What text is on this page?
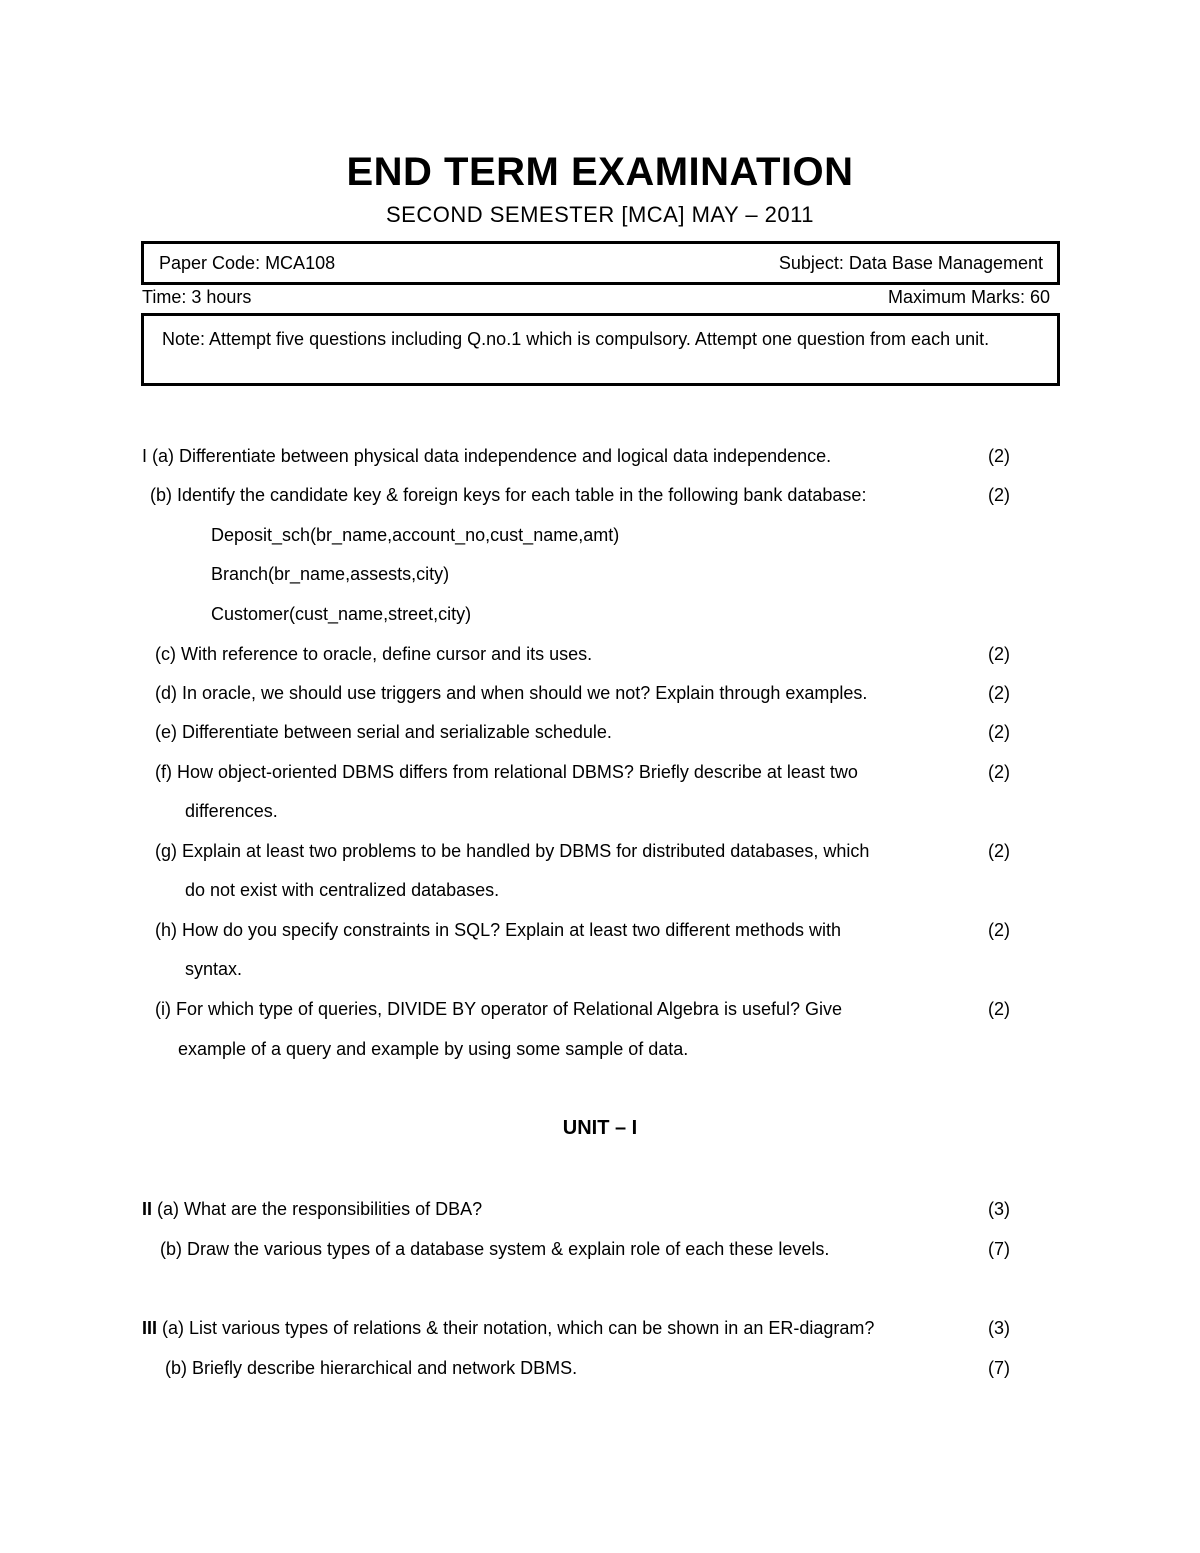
END TERM EXAMINATION
SECOND SEMESTER [MCA] MAY – 2011
Paper Code: MCA108	Subject: Data Base Management
Time: 3 hours	Maximum Marks: 60
Note: Attempt five questions including Q.no.1 which is compulsory. Attempt one question from each unit.
I (a) Differentiate between physical data independence and logical data independence.	(2)
(b) Identify the candidate key & foreign keys for each table in the following bank database:	(2)
Deposit_sch(br_name,account_no,cust_name,amt)
Branch(br_name,assests,city)
Customer(cust_name,street,city)
(c) With reference to oracle, define cursor and its uses.	(2)
(d) In oracle, we should use triggers and when should we not? Explain through examples.	(2)
(e) Differentiate between serial and serializable schedule.	(2)
(f) How object-oriented DBMS differs from relational DBMS? Briefly describe at least two	(2)
differences.
(g) Explain at least two problems to be handled by DBMS for distributed databases, which	(2)
do not exist with centralized databases.
(h) How do you specify constraints in SQL? Explain at least two different methods with	(2)
syntax.
(i) For which type of queries, DIVIDE BY operator of Relational Algebra is useful? Give	(2)
example of a query and example by using some sample of data.
UNIT – I
II (a) What are the responsibilities of DBA?	(3)
(b) Draw the various types of a database system & explain role of each these levels.	(7)
III (a) List various types of relations & their notation, which can be shown in an ER-diagram?	(3)
(b) Briefly describe hierarchical and network DBMS.	(7)
